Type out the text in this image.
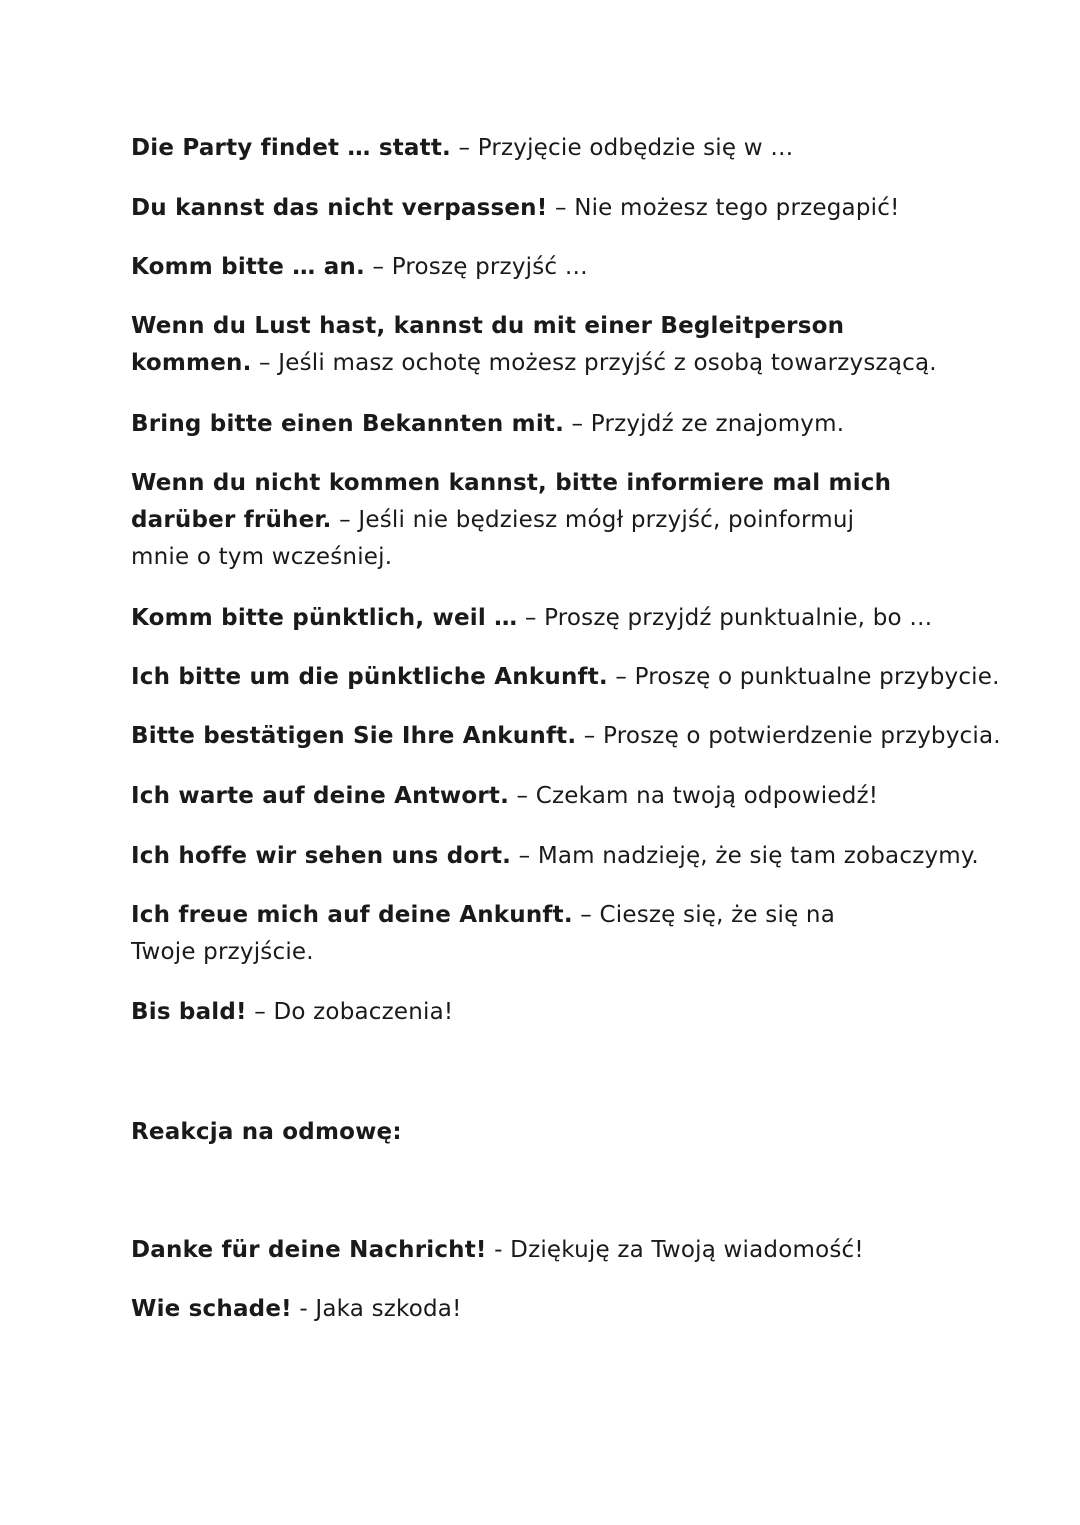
Die Party findet … statt. – Przyjęcie odbędzie się w …
Du kannst das nicht verpassen! – Nie możesz tego przegapić!
Komm bitte … an. – Proszę przyjść …
Wenn du Lust hast, kannst du mit einer Begleitperson kommen. – Jeśli masz ochotę możesz przyjść z osobą towarzyszącą.
Bring bitte einen Bekannten mit. – Przyjdź ze znajomym.
Wenn du nicht kommen kannst, bitte informiere mal mich darüber früher. – Jeśli nie będziesz mógł przyjść, poinformuj mnie o tym wcześniej.
Komm bitte pünktlich, weil … – Proszę przyjdź punktualnie, bo …
Ich bitte um die pünktliche Ankunft. – Proszę o punktualne przybycie.
Bitte bestätigen Sie Ihre Ankunft. – Proszę o potwierdzenie przybycia.
Ich warte auf deine Antwort. – Czekam na twoją odpowiedź!
Ich hoffe wir sehen uns dort. – Mam nadzieję, że się tam zobaczymy.
Ich freue mich auf deine Ankunft. – Cieszę się, że się na Twoje przyjście.
Bis bald! – Do zobaczenia!
Reakcja na odmowę:
Danke für deine Nachricht! - Dziękuję za Twoją wiadomość!
Wie schade! - Jaka szkoda!
